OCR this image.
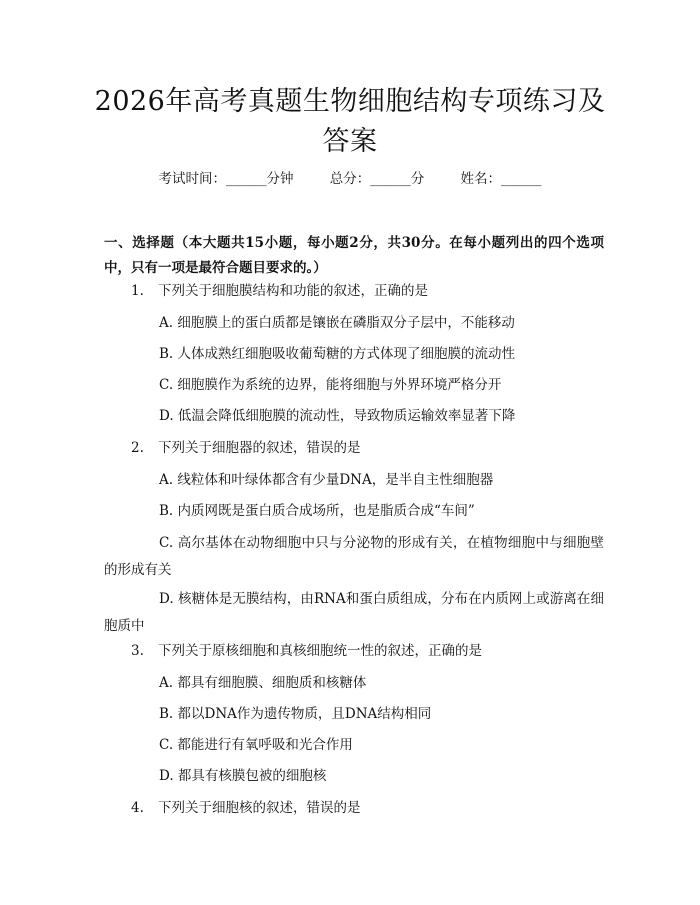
2026年高考真题生物细胞结构专项练习及答案
考试时间：______分钟	总分：______分	姓名：______
一、选择题（本大题共15小题，每小题2分，共30分。在每小题列出的四个选项中，只有一项是最符合题目要求的。）
1.	下列关于细胞膜结构和功能的叙述，正确的是
A. 细胞膜上的蛋白质都是镶嵌在磷脂双分子层中，不能移动
B. 人体成熟红细胞吸收葡萄糖的方式体现了细胞膜的流动性
C. 细胞膜作为系统的边界，能将细胞与外界环境严格分开
D. 低温会降低细胞膜的流动性，导致物质运输效率显著下降
2.	下列关于细胞器的叙述，错误的是
A. 线粒体和叶绿体都含有少量DNA，是半自主性细胞器
B. 内质网既是蛋白质合成场所，也是脂质合成“车间”
C. 高尔基体在动物细胞中只与分泌物的形成有关，在植物细胞中与细胞壁的形成有关
D. 核糖体是无膜结构，由RNA和蛋白质组成，分布在内质网上或游离在细胞质中
3.	下列关于原核细胞和真核细胞统一性的叙述，正确的是
A. 都具有细胞膜、细胞质和核糖体
B. 都以DNA作为遗传物质，且DNA结构相同
C. 都能进行有氧呼吸和光合作用
D. 都具有核膜包被的细胞核
4.	下列关于细胞核的叙述，错误的是
